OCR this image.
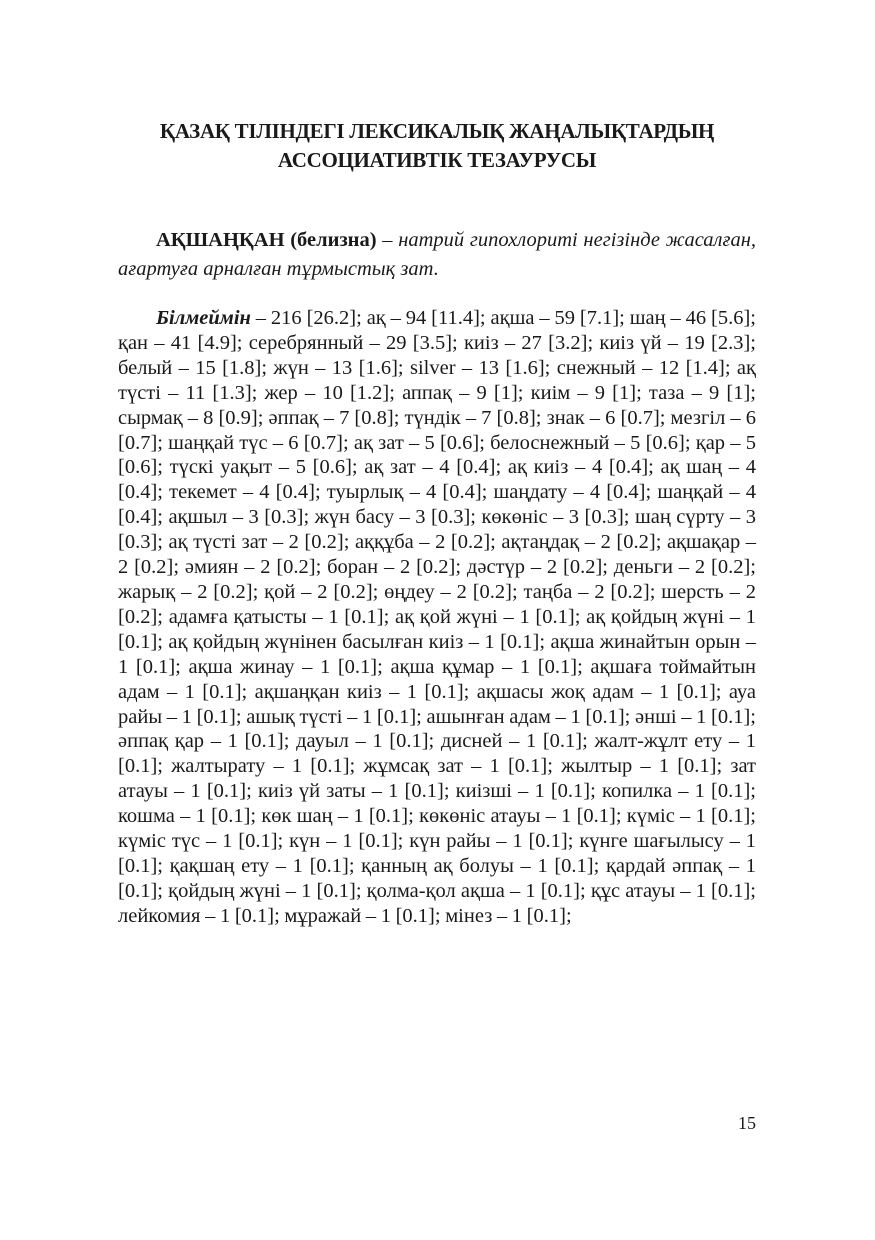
ҚАЗАҚ ТІЛІНДЕГІ ЛЕКСИКАЛЫҚ ЖАҢАЛЫҚТАРДЫҢ
АССОЦИАТИВТІК ТЕЗАУРУСЫ

АҚШАҢҚАН (белизна) – натрий гипохлориті негізінде жасалған, ағартуға арналған тұрмыстық зат.

Білмеймін – 216 [26.2]; ақ – 94 [11.4]; ақша – 59 [7.1]; шаң – 46 [5.6]; қан – 41 [4.9]; серебрянный – 29 [3.5]; киіз – 27 [3.2]; киіз үй – 19 [2.3]; белый – 15 [1.8]; жүн – 13 [1.6]; silver – 13 [1.6]; снежный – 12 [1.4]; ақ түсті – 11 [1.3]; жер – 10 [1.2]; аппақ – 9 [1]; киім – 9 [1]; таза – 9 [1]; сырмақ – 8 [0.9]; әппақ – 7 [0.8]; түндік – 7 [0.8]; знак – 6 [0.7]; мезгіл – 6 [0.7]; шаңқай түс – 6 [0.7]; ақ зат – 5 [0.6]; белоснежный – 5 [0.6]; қар – 5 [0.6]; түскі уақыт – 5 [0.6]; ақ зат – 4 [0.4]; ақ киіз – 4 [0.4]; ақ шаң – 4 [0.4]; текемет – 4 [0.4]; туырлық – 4 [0.4]; шаңдату – 4 [0.4]; шаңқай – 4 [0.4]; ақшыл – 3 [0.3]; жүн басу – 3 [0.3]; көкөніс – 3 [0.3]; шаң сүрту – 3 [0.3]; ақ түсті зат – 2 [0.2]; аққұба – 2 [0.2]; ақтаңдақ – 2 [0.2]; ақшақар – 2 [0.2]; әмиян – 2 [0.2]; боран – 2 [0.2]; дәстүр – 2 [0.2]; деньги – 2 [0.2]; жарық – 2 [0.2]; қой – 2 [0.2]; өңдеу – 2 [0.2]; таңба – 2 [0.2]; шерсть – 2 [0.2]; адамға қатысты – 1 [0.1]; ақ қой жүні – 1 [0.1]; ақ қойдың жүні – 1 [0.1]; ақ қойдың жүнінен басылған киіз – 1 [0.1]; ақша жинайтын орын – 1 [0.1]; ақша жинау – 1 [0.1]; ақша құмар – 1 [0.1]; ақшаға тоймайтын адам – 1 [0.1]; ақшаңқан киіз – 1 [0.1]; ақшасы жоқ адам – 1 [0.1]; ауа райы – 1 [0.1]; ашық түсті – 1 [0.1]; ашынған адам – 1 [0.1]; әнші – 1 [0.1]; әппақ қар – 1 [0.1]; дауыл – 1 [0.1]; дисней – 1 [0.1]; жалт-жұлт ету – 1 [0.1]; жалтырату – 1 [0.1]; жұмсақ зат – 1 [0.1]; жылтыр – 1 [0.1]; зат атауы – 1 [0.1]; киіз үй заты – 1 [0.1]; киізші – 1 [0.1]; копилка – 1 [0.1]; кошма – 1 [0.1]; көк шаң – 1 [0.1]; көкөніс атауы – 1 [0.1]; күміс – 1 [0.1]; күміс түс – 1 [0.1]; күн – 1 [0.1]; күн райы – 1 [0.1]; күнге шағылысу – 1 [0.1]; қақшаң ету – 1 [0.1]; қанның ақ болуы – 1 [0.1]; қардай әппақ – 1 [0.1]; қойдың жүні – 1 [0.1]; қолма-қол ақша – 1 [0.1]; құс атауы – 1 [0.1]; лейкомия – 1 [0.1]; мұражай – 1 [0.1]; мінез – 1 [0.1];

15
